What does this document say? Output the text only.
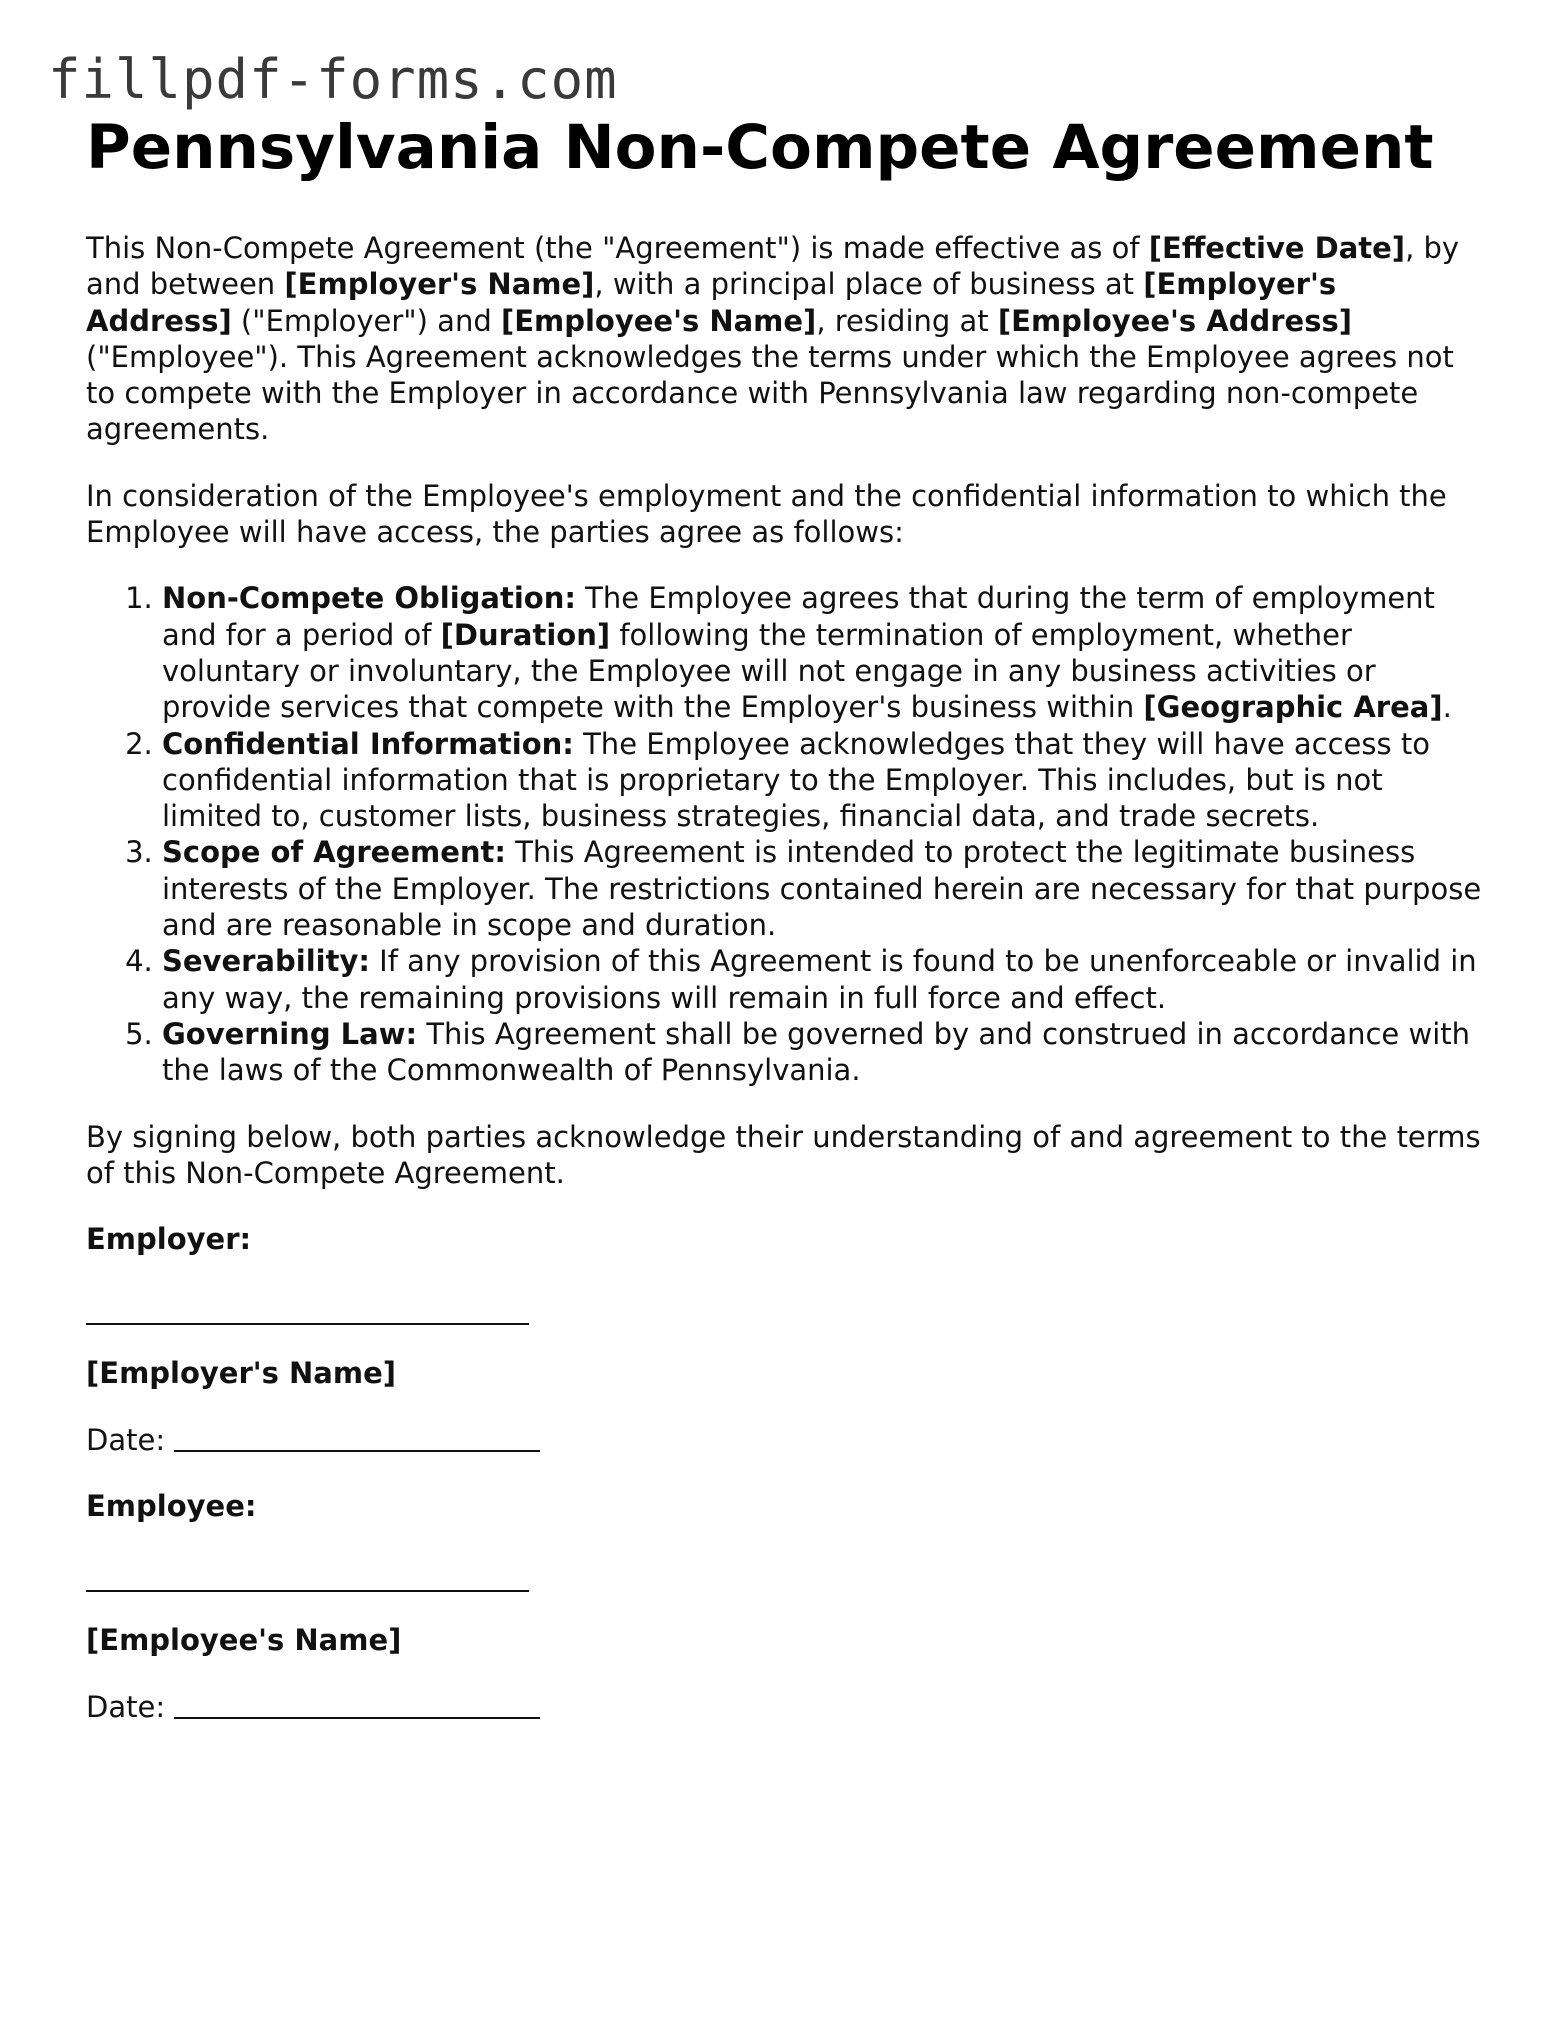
fillpdf-forms.com
Pennsylvania Non-Compete Agreement

This Non-Compete Agreement (the "Agreement") is made effective as of [Effective Date], by and between [Employer's Name], with a principal place of business at [Employer's Address] ("Employer") and [Employee's Name], residing at [Employee's Address] ("Employee"). This Agreement acknowledges the terms under which the Employee agrees not to compete with the Employer in accordance with Pennsylvania law regarding non-compete agreements.

In consideration of the Employee's employment and the confidential information to which the Employee will have access, the parties agree as follows:

1. Non-Compete Obligation: The Employee agrees that during the term of employment and for a period of [Duration] following the termination of employment, whether voluntary or involuntary, the Employee will not engage in any business activities or provide services that compete with the Employer's business within [Geographic Area].
2. Confidential Information: The Employee acknowledges that they will have access to confidential information that is proprietary to the Employer. This includes, but is not limited to, customer lists, business strategies, financial data, and trade secrets.
3. Scope of Agreement: This Agreement is intended to protect the legitimate business interests of the Employer. The restrictions contained herein are necessary for that purpose and are reasonable in scope and duration.
4. Severability: If any provision of this Agreement is found to be unenforceable or invalid in any way, the remaining provisions will remain in full force and effect.
5. Governing Law: This Agreement shall be governed by and construed in accordance with the laws of the Commonwealth of Pennsylvania.

By signing below, both parties acknowledge their understanding of and agreement to the terms of this Non-Compete Agreement.

Employer:

[Employer's Name]

Date:

Employee:

[Employee's Name]

Date:
